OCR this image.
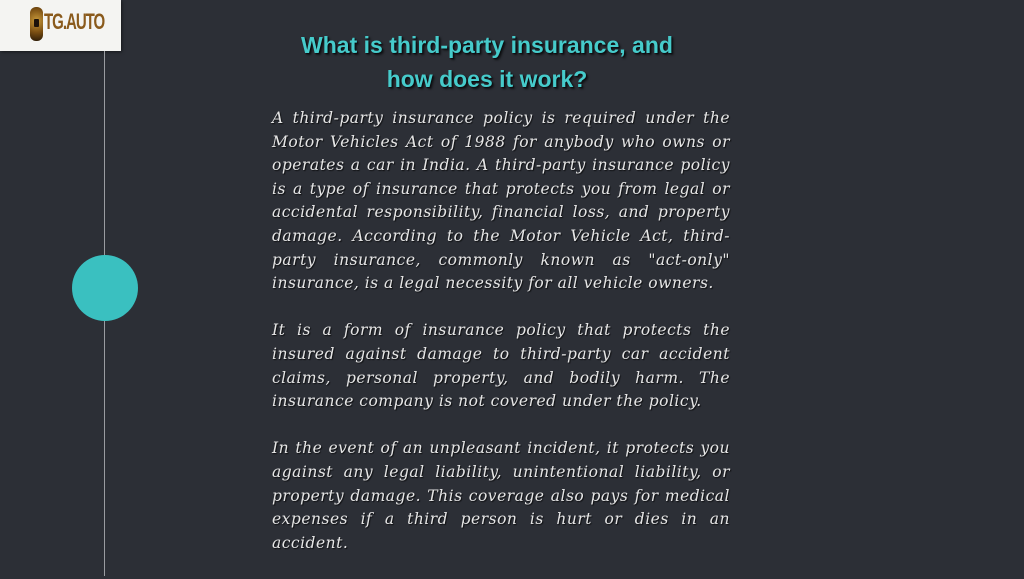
TG.AUTO
What is third-party insurance, and
how does it work?

A third-party insurance policy is required under the Motor Vehicles Act of 1988 for anybody who owns or operates a car in India. A third-party insurance policy is a type of insurance that protects you from legal or accidental responsibility, financial loss, and property damage. According to the Motor Vehicle Act, third-party insurance, commonly known as "act-only" insurance, is a legal necessity for all vehicle owners.

It is a form of insurance policy that protects the insured against damage to third-party car accident claims, personal property, and bodily harm. The insurance company is not covered under the policy.

In the event of an unpleasant incident, it protects you against any legal liability, unintentional liability, or property damage. This coverage also pays for medical expenses if a third person is hurt or dies in an accident.
